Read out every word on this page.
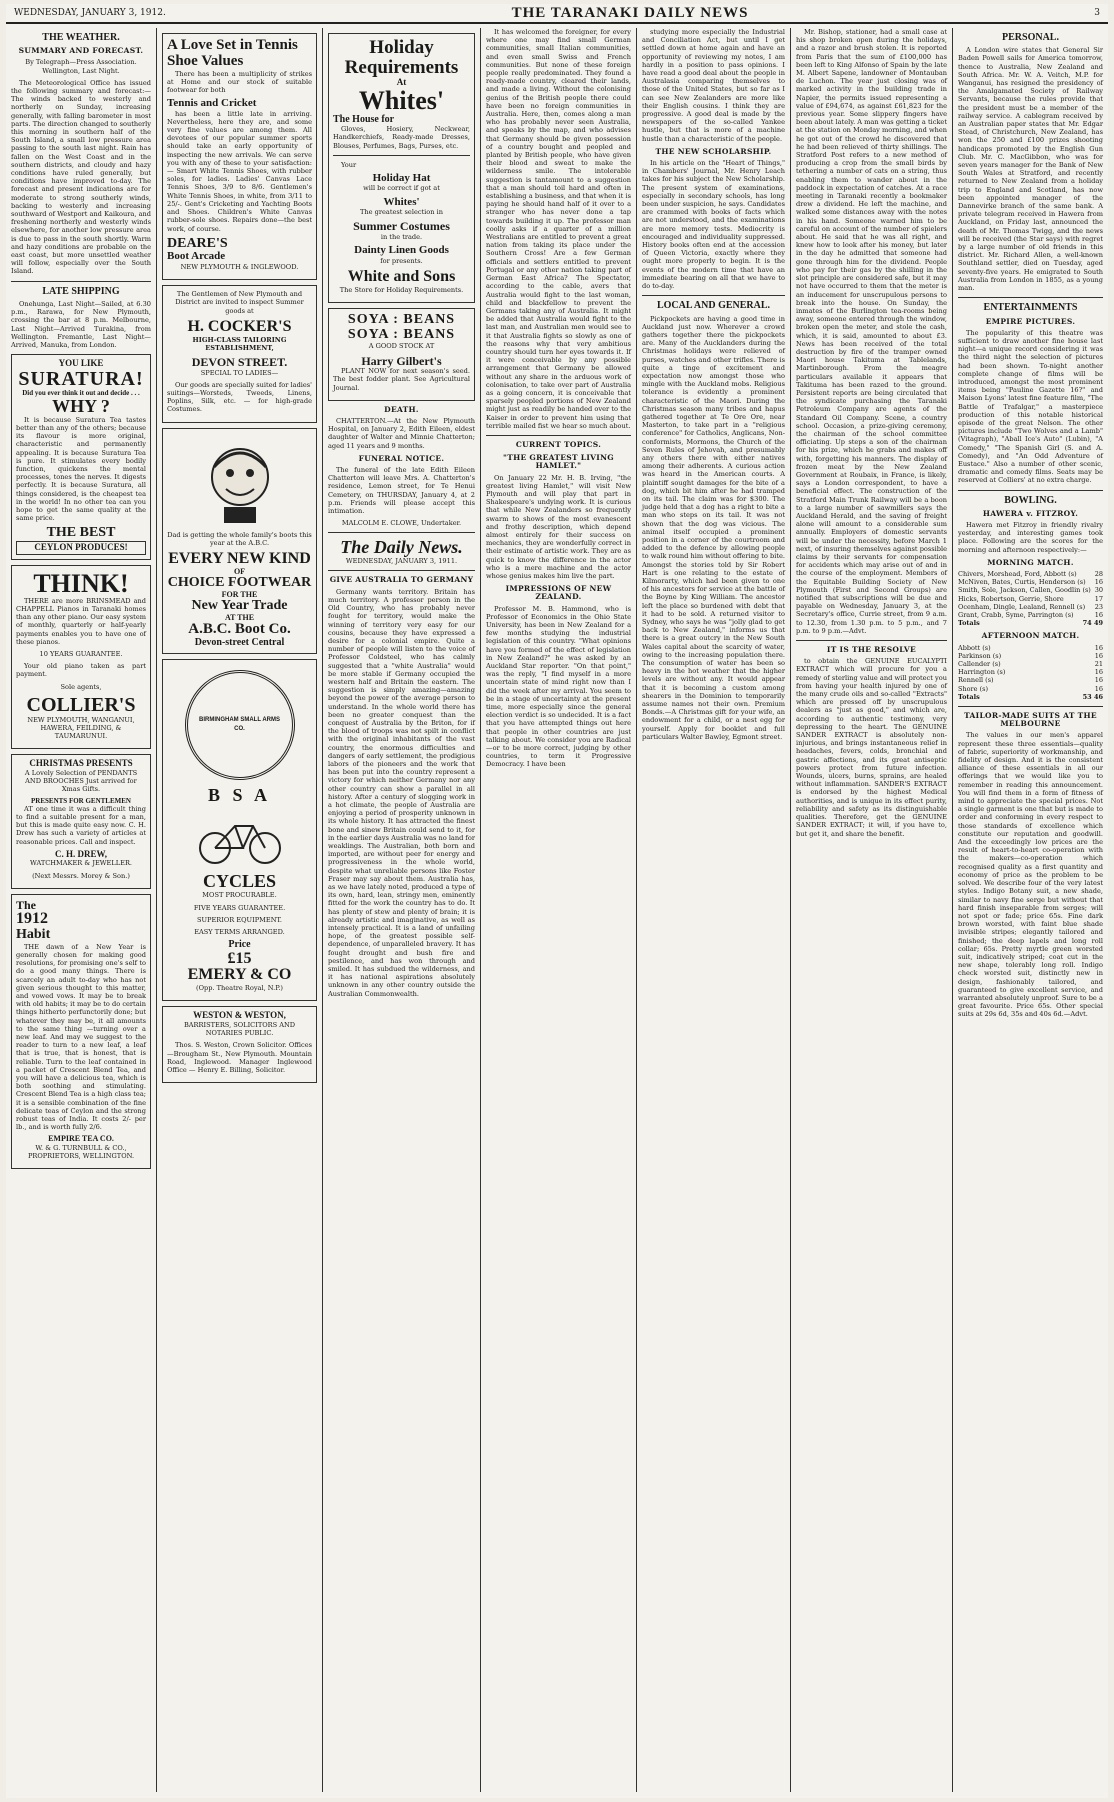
WEDNESDAY, JANUARY 3, 1912.	THE TARANAKI DAILY NEWS	3
THE WEATHER.
SUMMARY AND FORECAST.

By Telegraph—Press Association. Wellington, Last Night.

The Meteorological Office has issued the following summary and forecast:—The winds backed to westerly and northerly on Sunday, increasing generally, with falling barometer in most parts. The direction changed to southerly this morning in southern half of the South Island, a small low pressure area passing to the south last night. Rain has fallen on the West Coast and in the southern districts, and cloudy and hazy conditions have ruled generally, but conditions have improved to-day. The forecast and present indications are for moderate to strong southerly winds, backing to westerly and increasing southward of Westport and Kaikoura, and freshening northerly and westerly winds elsewhere, for another low pressure area is due to pass in the south shortly. Warm and hazy conditions are probable on the east coast, but more unsettled weather will follow, especially over the South Island.

LATE SHIPPING

Onehunga, Last Night—Sailed, at 6.30 p.m., Rarawa, for New Plymouth, crossing the bar at 8 p.m. Melbourne, Last Night—Arrived Turakina, from Wellington. Fremantle, Last Night—Arrived, Manuka, from London.

YOU LIKE
SURATURA!
Did you ever think it out and decide . . .
WHY ?

It is because Suratura Tea tastes better than any of the others; because its flavour is more original, characteristic and permanently appealing. It is because Suratura Tea is pure. It stimulates every bodily function, quickens the mental processes, tones the nerves. It digests perfectly. It is because Suratura, all things considered, is the cheapest tea in the world! In no other tea can you hope to get the same quality at the same price.

THE BEST
CEYLON PRODUCES!
THINK!

THERE are more BRINSMEAD and CHAPPELL Pianos in Taranaki homes than any other piano. Our easy system of monthly, quarterly or half-yearly payments enables you to have one of these pianos.

10 YEARS GUARANTEE.

Your old piano taken as part payment.

Sole agents,

COLLIER'S

NEW PLYMOUTH, WANGANUI, HAWERA, FEILDING, & TAUMARUNUI.

CHRISTMAS PRESENTS

A Lovely Selection of PENDANTS AND BROOCHES Just arrived for Xmas Gifts.

PRESENTS FOR GENTLEMEN

AT one time it was a difficult thing to find a suitable present for a man, but this is made quite easy now. C. H. Drew has such a variety of articles at reasonable prices. Call and inspect.

C. H. DREW,

WATCHMAKER & JEWELLER.

(Next Messrs. Morey & Son.)

The
1912
Habit

THE dawn of a New Year is generally chosen for making good resolutions, for promising one's self to do a good many things. There is scarcely an adult to-day who has not given serious thought to this matter, and vowed vows. It may be to break with old habits; it may be to do certain things hitherto perfunctorily done; but whatever they may be, it all amounts to the same thing —turning over a new leaf. And may we suggest to the reader to turn to a new leaf, a leaf that is true, that is honest, that is reliable. Turn to the leaf contained in a packet of Crescent Blend Tea, and you will have a delicious tea, which is both soothing and stimulating. Crescent Blend Tea is a high class tea; it is a sensible combination of the fine delicate teas of Ceylon and the strong robust teas of India. It costs 2/- per lb., and is worth fully 2/6.

EMPIRE TEA CO.

W. & G. TURNBULL & CO., PROPRIETORS, WELLINGTON.

A Love Set in Tennis Shoe Values

There has been a multiplicity of strikes at Home and our stock of suitable footwear for both

Tennis and Cricket

has been a little late in arriving. Nevertheless, here they are, and some very fine values are among them. All devotees of our popular summer sports should take an early opportunity of inspecting the new arrivals. We can serve you with any of these to your satisfaction:— Smart White Tennis Shoes, with rubber soles, for ladies. Ladies' Canvas Lace Tennis Shoes, 3/9 to 8/6. Gentlemen's White Tennis Shoes, in white, from 3/11 to 25/-. Gent's Cricketing and Yachting Boots and Shoes. Children's White Canvas rubber-sole shoes. Repairs done—the best work, of course.

DEARE'S
Boot Arcade

NEW PLYMOUTH & INGLEWOOD.

The Gentlemen of New Plymouth and District are invited to inspect Summer goods at

H. COCKER'S

HIGH-CLASS TAILORING ESTABLISHMENT,

DEVON STREET.

SPECIAL TO LADIES—

Our goods are specially suited for ladies' suitings—Worsteds, Tweeds, Linens, Poplins, Silk, etc. — for high-grade Costumes.

Dad is getting the whole family's boots this year at the A.B.C.

EVERY NEW KIND
OF
CHOICE FOOTWEAR
FOR THE
New Year Trade
AT THE
A.B.C. Boot Co.
Devon-street Central
BIRMINGHAM SMALL ARMS CO.
B S A
CYCLES

MOST PROCURABLE.

FIVE YEARS GUARANTEE.

SUPERIOR EQUIPMENT.

EASY TERMS ARRANGED.

Price
£15
EMERY & CO

(Opp. Theatre Royal, N.P.)

WESTON & WESTON,

BARRISTERS, SOLICITORS AND NOTARIES PUBLIC.

Thos. S. Weston, Crown Solicitor. Offices—Brougham St., New Plymouth. Mountain Road, Inglewood. Manager Inglewood Office — Henry E. Billing, Solicitor.

Holiday Requirements
At
Whites'
The House for

Gloves, Hosiery, Neckwear, Handkerchiefs, Ready-made Dresses, Blouses, Perfumes, Bags, Purses, etc.

Your

Holiday Hat

will be correct if got at

Whites'

The greatest selection in

Summer Costumes

in the trade.

Dainty Linen Goods

for presents.

White and Sons

The Store for Holiday Requirements.

SOYA : BEANS
SOYA : BEANS

A GOOD STOCK AT

Harry Gilbert's

PLANT NOW for next season's seed. The best fodder plant. See Agricultural Journal.

DEATH.

CHATTERTON.—At the New Plymouth Hospital, on January 2, Edith Eileen, eldest daughter of Walter and Minnie Chatterton; aged 11 years and 9 months.

FUNERAL NOTICE.

The funeral of the late Edith Eileen Chatterton will leave Mrs. A. Chatterton's residence, Lemon street, for Te Henui Cemetery, on THURSDAY, January 4, at 2 p.m. Friends will please accept this intimation.

MALCOLM E. CLOWE, Undertaker.

The Daily News.

WEDNESDAY, JANUARY 3, 1911.

GIVE AUSTRALIA TO GERMANY

Germany wants territory. Britain has much territory. A professor person in the Old Country, who has probably never fought for territory, would make the winning of territory very easy for our cousins, because they have expressed a desire for a colonial empire. Quite a number of people will listen to the voice of Professor Coldsteel, who has calmly suggested that a "white Australia" would be more stable if Germany occupied the western half and Britain the eastern. The suggestion is simply amazing—amazing beyond the power of the average person to understand. In the whole world there has been no greater conquest than the conquest of Australia by the Briton, for if the blood of troops was not spilt in conflict with the original inhabitants of the vast country, the enormous difficulties and dangers of early settlement, the prodigious labors of the pioneers and the work that has been put into the country represent a victory for which neither Germany nor any other country can show a parallel in all history. After a century of slogging work in a hot climate, the people of Australia are enjoying a period of prosperity unknown in its whole history. It has attracted the finest bone and sinew Britain could send to it, for in the earlier days Australia was no land for weaklings. The Australian, both born and imported, are without peer for energy and progressiveness in the whole world, despite what unreliable persons like Foster Fraser may say about them. Australia has, as we have lately noted, produced a type of its own, hard, lean, stringy men, eminently fitted for the work the country has to do. It has plenty of stew and plenty of brain; it is already artistic and imaginative, as well as intensely practical. It is a land of unfailing hope, of the greatest possible self-dependence, of unparalleled bravery. It has fought drought and bush fire and pestilence, and has won through and smiled. It has subdued the wilderness, and it has national aspirations absolutely unknown in any other country outside the Australian Commonwealth.

It has welcomed the foreigner, for every where one may find small German communities, small Italian communities, and even small Swiss and French communities. But none of these foreign people really predominated. They found a ready-made country, cleared their lands, and made a living. Without the colonising genius of the British people there could have been no foreign communities in Australia. Here, then, comes along a man who has probably never seen Australia, and speaks by the map, and who advises that Germany should be given possession of a country bought and peopled and planted by British people, who have given their blood and sweat to make the wilderness smile. The intolerable suggestion is tantamount to a suggestion that a man should toil hard and often in establishing a business, and that when it is paying he should hand half of it over to a stranger who has never done a tap towards building it up. The professor man coolly asks if a quarter of a million Westralians are entitled to prevent a great nation from taking its place under the Southern Cross! Are a few German officials and settlers entitled to prevent Portugal or any other nation taking part of German East Africa? The Spectator, according to the cable, avers that Australia would fight to the last woman, child and blackfellow to prevent the Germans taking any of Australia. It might be added that Australia would fight to the last man, and Australian men would see to it that Australia fights so slowly as one of the reasons why that very ambitious country should turn her eyes towards it. If it were conceivable by any possible arrangement that Germany be allowed without any share in the arduous work of colonisation, to take over part of Australia as a going concern, it is conceivable that sparsely peopled portions of New Zealand might just as readily be handed over to the Kaiser in order to prevent him using that terrible mailed fist we hear so much about.

CURRENT TOPICS.
"THE GREATEST LIVING HAMLET."

On January 22 Mr. H. B. Irving, "the greatest living Hamlet," will visit New Plymouth and will play that part in Shakespeare's undying work. It is curious that while New Zealanders so frequently swarm to shows of the most evanescent and frothy description, which depend almost entirely for their success on mechanics, they are wonderfully correct in their estimate of artistic work. They are as quick to know the difference in the actor who is a mere machine and the actor whose genius makes him live the part.

IMPRESSIONS OF NEW ZEALAND.

Professor M. B. Hammond, who is Professor of Economics in the Ohio State University, has been in New Zealand for a few months studying the industrial legislation of this country. "What opinions have you formed of the effect of legislation in New Zealand?" he was asked by an Auckland Star reporter. "On that point," was the reply, "I find myself in a more uncertain state of mind right now than I did the week after my arrival. You seem to be in a stage of uncertainty at the present time, more especially since the general election verdict is so undecided. It is a fact that you have attempted things out here that people in other countries are just talking about. We consider you are Radical—or to be more correct, judging by other countries, to term it Progressive Democracy. I have been

studying more especially the Industrial and Conciliation Act, but until I get settled down at home again and have an opportunity of reviewing my notes, I am hardly in a position to pass opinions. I have read a good deal about the people in Australasia comparing themselves to those of the United States, but so far as I can see New Zealanders are more like their English cousins. I think they are progressive. A good deal is made by the newspapers of the so-called Yankee hustle, but that is more of a machine hustle than a characteristic of the people.

THE NEW SCHOLARSHIP.

In his article on the "Heart of Things," in Chambers' Journal, Mr. Henry Leach takes for his subject the New Scholarship. The present system of examinations, especially in secondary schools, has long been under suspicion, he says. Candidates are crammed with books of facts which are not understood, and the examinations are more memory tests. Mediocrity is encouraged and individuality suppressed. History books often end at the accession of Queen Victoria, exactly where they ought more properly to begin. It is the events of the modern time that have an immediate bearing on all that we have to do to-day.

LOCAL AND GENERAL.

Pickpockets are having a good time in Auckland just now. Wherever a crowd gathers together there the pickpockets are. Many of the Aucklanders during the Christmas holidays were relieved of purses, watches and other trifles. There is quite a tinge of excitement and expectation now amongst those who mingle with the Auckland mobs. Religious tolerance is evidently a prominent characteristic of the Maori. During the Christmas season many tribes and hapus gathered together at Te Ore Ore, near Masterton, to take part in a "religious conference" for Catholics, Anglicans, Non-conformists, Mormons, the Church of the Seven Rules of Jehovah, and presumably any others there with either natives among their adherents. A curious action was heard in the American courts. A plaintiff sought damages for the bite of a dog, which bit him after he had tramped on its tail. The claim was for $300. The judge held that a dog has a right to bite a man who steps on its tail. It was not shown that the dog was vicious. The animal itself occupied a prominent position in a corner of the courtroom and added to the defence by allowing people to walk round him without offering to bite. Amongst the stories told by Sir Robert Hart is one relating to the estate of Kilmorarty, which had been given to one of his ancestors for service at the battle of the Boyne by King William. The ancestor left the place so burdened with debt that it had to be sold. A returned visitor to Sydney, who says he was "jolly glad to get back to New Zealand," informs us that there is a great outcry in the New South Wales capital about the scarcity of water, owing to the increasing population there. The consumption of water has been so heavy in the hot weather that the higher levels are without any. It would appear that it is becoming a custom among shearers in the Dominion to temporarily assume names not their own. Premium Bonds.—A Christmas gift for your wife, an endowment for a child, or a nest egg for yourself. Apply for booklet and full particulars Walter Bawley, Egmont street.

Mr. Bishop, stationer, had a small case at his shop broken open during the holidays, and a razor and brush stolen. It is reported from Paris that the sum of £100,000 has been left to King Alfonso of Spain by the late M. Albert Sapene, landowner of Montauban de Luchon. The year just closing was of marked activity in the building trade in Napier, the permits issued representing a value of £94,674, as against £61,823 for the previous year. Some slippery fingers have been about lately. A man was getting a ticket at the station on Monday morning, and when he got out of the crowd he discovered that he had been relieved of thirty shillings. The Stratford Post refers to a new method of producing a crop from the small birds by tethering a number of cats on a string, thus enabling them to wander about in the paddock in expectation of catches. At a race meeting in Taranaki recently a bookmaker drew a dividend. He left the machine, and walked some distances away with the notes in his hand. Someone warned him to be careful on account of the number of spielers about. He said that he was all right, and knew how to look after his money, but later in the day he admitted that someone had gone through him for the dividend. People who pay for their gas by the shilling in the slot principle are considered safe, but it may not have occurred to them that the meter is an inducement for unscrupulous persons to break into the house. On Sunday, the inmates of the Burlington tea-rooms being away, someone entered through the window, broken open the meter, and stole the cash, which, it is said, amounted to about £3. News has been received of the total destruction by fire of the tramper owned Maori house Takituma at Tablelands, Martinborough. From the meagre particulars available it appears that Takituma has been razed to the ground. Persistent reports are being circulated that the syndicate purchasing the Taranaki Petroleum Company are agents of the Standard Oil Company. Scene, a country school. Occasion, a prize-giving ceremony, the chairman of the school committee officiating. Up steps a son of the chairman for his prize, which he grabs and makes off with, forgetting his manners. The display of frozen meat by the New Zealand Government at Roubaix, in France, is likely, says a London correspondent, to have a beneficial effect. The construction of the Stratford Main Trunk Railway will be a boon to a large number of sawmillers says the Auckland Herald, and the saving of freight alone will amount to a considerable sum annually. Employers of domestic servants will be under the necessity, before March 1 next, of insuring themselves against possible claims by their servants for compensation for accidents which may arise out of and in the course of the employment. Members of the Equitable Building Society of New Plymouth (First and Second Groups) are notified that subscriptions will be due and payable on Wednesday, January 3, at the Secretary's office, Currie street, from 9 a.m. to 12.30, from 1.30 p.m. to 5 p.m., and 7 p.m. to 9 p.m.—Advt.

IT IS THE RESOLVE

to obtain the GENUINE EUCALYPTI EXTRACT which will procure for you a remedy of sterling value and will protect you from having your health injured by one of the many crude oils and so-called "Extracts" which are pressed off by unscrupulous dealers as "just as good," and which are, according to authentic testimony, very depressing to the heart. The GENUINE SANDER EXTRACT is absolutely non-injurious, and brings instantaneous relief in headaches, fevers, colds, bronchial and gastric affections, and its great antiseptic powers protect from future infection. Wounds, ulcers, burns, sprains, are healed without inflammation. SANDER'S EXTRACT is endorsed by the highest Medical authorities, and is unique in its effect purity, reliability and safety as its distinguishable qualities. Therefore, get the GENUINE SANDER EXTRACT; it will, if you have to, but get it, and share the benefit.

PERSONAL.

A London wire states that General Sir Baden Powell sails for America tomorrow, thence to Australia, New Zealand and South Africa. Mr. W. A. Veitch, M.P. for Wanganui, has resigned the presidency of the Amalgamated Society of Railway Servants, because the rules provide that the president must be a member of the railway service. A cablegram received by an Australian paper states that Mr. Edgar Stead, of Christchurch, New Zealand, has won the 250 and £100 prizes shooting handicaps promoted by the English Gun Club. Mr. C. MacGibbon, who was for seven years manager for the Bank of New South Wales at Stratford, and recently returned to New Zealand from a holiday trip to England and Scotland, has now been appointed manager of the Dannevirke branch of the same bank. A private telegram received in Hawera from Auckland, on Friday last, announced the death of Mr. Thomas Twigg, and the news will be received (the Star says) with regret by a large number of old friends in this district. Mr. Richard Allen, a well-known Southland settler, died on Tuesday, aged seventy-five years. He emigrated to South Australia from London in 1855, as a young man.

ENTERTAINMENTS
EMPIRE PICTURES.

The popularity of this theatre was sufficient to draw another fine house last night—a unique record considering it was the third night the selection of pictures had been shown. To-night another complete change of films will be introduced, amongst the most prominent items being "Pauline Gazette 16?" and Maison Lyons' latest fine feature film, "The Battle of Trafalgar," a masterpiece production of this notable historical episode of the great Nelson. The other pictures include "Two Wolves and a Lamb" (Vitagraph), "Aball Ice's Auto" (Lubin), "A Comedy," "The Spanish Girl (S. and A. Comedy), and "An Odd Adventure of Eustace." Also a number of other scenic, dramatic and comedy films. Seats may be reserved at Colliers' at no extra charge.

BOWLING.
HAWERA v. FITZROY.

Hawera met Fitzroy in friendly rivalry yesterday, and interesting games took place. Following are the scores for the morning and afternoon respectively:—

MORNING MATCH.
Chivers, Morshead, Ford, Abbott (s)	28
McNiven, Bates, Curtis, Henderson (s) 16
Smith, Sole, Jackson, Callen, Goodlin (s) 30
Hicks, Robertson, Gerrie, Shore	17
Ocenham, Dingle, Lealand, Rennell (s) 23
Grant, Crabb, Syme, Parrington (s)	16
Totals	74 49
AFTERNOON MATCH.
Abbott (s)	16
Parkinson (s)	16
Callender (s)	21
Harrington (s)	16
Rennell (s)	16
Shore (s)	16
Totals	53 46
TAILOR-MADE SUITS AT THE MELBOURNE

The values in our men's apparel represent these three essentials—quality of fabric, superiority of workmanship, and fidelity of design. And it is the consistent alliance of these essentials in all our offerings that we would like you to remember in reading this announcement. You will find them in a form of fitness of mind to appreciate the special prices. Not a single garment is one that but is made to order and conforming in every respect to those standards of excellence which constitute our reputation and goodwill. And the exceedingly low prices are the result of heart-to-heart co-operation with the makers—co-operation which recognised quality as a first quantity and economy of price as the problem to be solved. We describe four of the very latest styles. Indigo Botany suit, a new shade, similar to navy fine serge but without that hard finish inseparable from serges; will not spot or fade; price 65s. Fine dark brown worsted, with faint blue shade invisible stripes; elegantly tailored and finished; the deep lapels and long roll collar; 65s. Pretty myrtle green worsted suit, indicatively striped; coat cut in the new shape, tolerably long roll. Indigo check worsted suit, distinctly new in design, fashionably tailored, and guaranteed to give excellent service, and warranted absolutely unproof. Sure to be a great favourite. Price 65s. Other special suits at 29s 6d, 35s and 40s 6d.—Advt.
